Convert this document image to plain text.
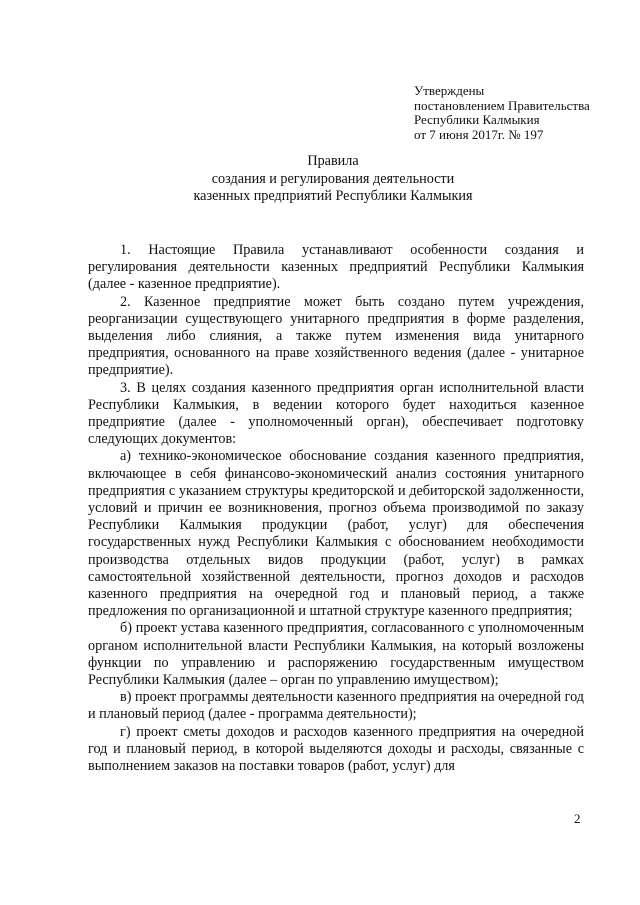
Утверждены
постановлением Правительства
Республики Калмыкия
от 7 июня 2017г. № 197
Правила
создания и регулирования деятельности
казенных предприятий Республики Калмыкия

1. Настоящие Правила устанавливают особенности создания и регулирования деятельности казенных предприятий Республики Калмыкия (далее - казенное предприятие).

2. Казенное предприятие может быть создано путем учреждения, реорганизации существующего унитарного предприятия в форме разделения, выделения либо слияния, а также путем изменения вида унитарного предприятия, основанного на праве хозяйственного ведения (далее - унитарное предприятие).

3. В целях создания казенного предприятия орган исполнительной власти Республики Калмыкия, в ведении которого будет находиться казенное предприятие (далее - уполномоченный орган), обеспечивает подготовку следующих документов:

а) технико-экономическое обоснование создания казенного предприятия, включающее в себя финансово-экономический анализ состояния унитарного предприятия с указанием структуры кредиторской и дебиторской задолженности, условий и причин ее возникновения, прогноз объема производимой по заказу Республики Калмыкия продукции (работ, услуг) для обеспечения государственных нужд Республики Калмыкия с обоснованием необходимости производства отдельных видов продукции (работ, услуг) в рамках самостоятельной хозяйственной деятельности, прогноз доходов и расходов казенного предприятия на очередной год и плановый период, а также предложения по организационной и штатной структуре казенного предприятия;

б) проект устава казенного предприятия, согласованного с уполномоченным органом исполнительной власти Республики Калмыкия, на который возложены функции по управлению и распоряжению государственным имуществом Республики Калмыкия (далее – орган по управлению имуществом);

в) проект программы деятельности казенного предприятия на очередной год и плановый период (далее - программа деятельности);

г) проект сметы доходов и расходов казенного предприятия на очередной год и плановый период, в которой выделяются доходы и расходы, связанные с выполнением заказов на поставки товаров (работ, услуг) для

2
